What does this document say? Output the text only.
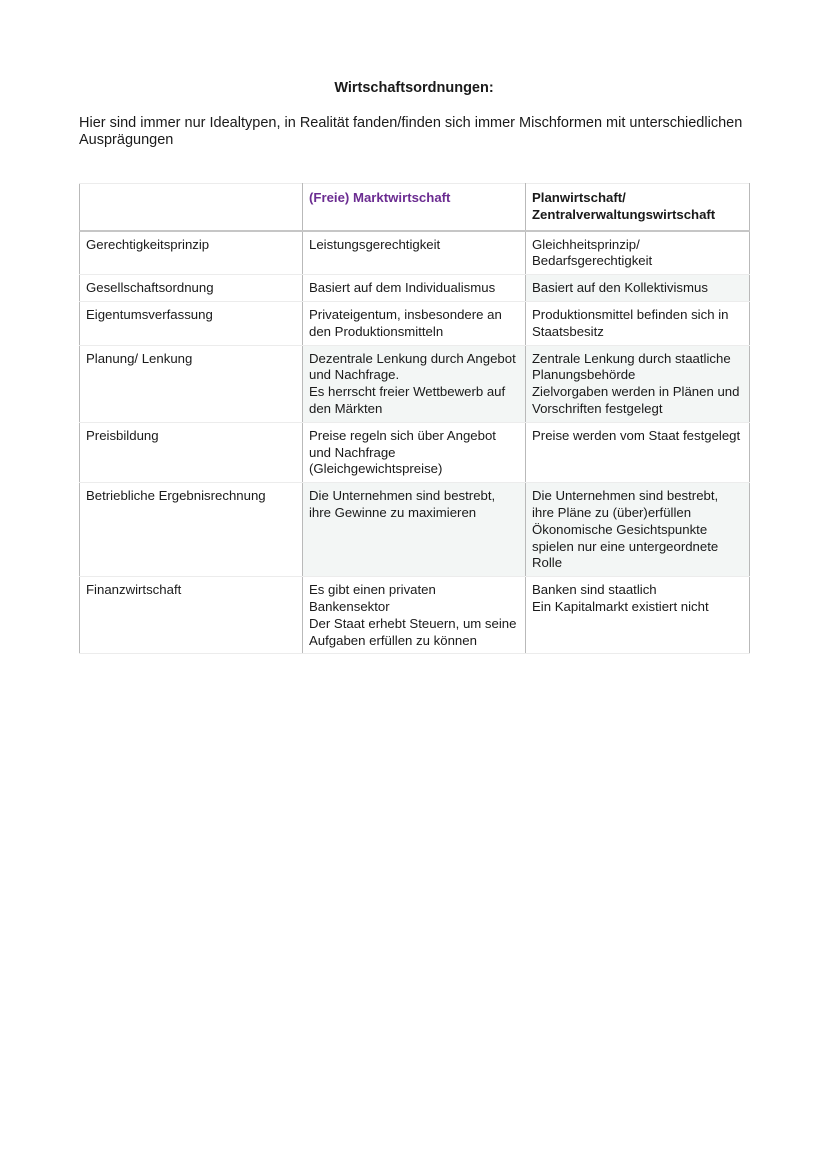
Wirtschaftsordnungen:
Hier sind immer nur Idealtypen, in Realität fanden/finden sich immer Mischformen mit unterschiedlichen Ausprägungen

	(Freie) Marktwirtschaft	Planwirtschaft/
Zentralverwaltungswirtschaft

Gerechtigkeitsprinzip	Leistungsgerechtigkeit	Gleichheitsprinzip/
Bedarfsgerechtigkeit

Gesellschaftsordnung	Basiert auf dem Individualismus	Basiert auf den Kollektivismus

Eigentumsverfassung	Privateigentum, insbesondere an den Produktionsmitteln	Produktionsmittel befinden sich in Staatsbesitz

Planung/ Lenkung	Dezentrale Lenkung durch Angebot und Nachfrage.
Es herrscht freier Wettbewerb auf den Märkten	Zentrale Lenkung durch staatliche Planungsbehörde
Zielvorgaben werden in Plänen und Vorschriften festgelegt

Preisbildung	Preise regeln sich über Angebot und Nachfrage
(Gleichgewichtspreise)	Preise werden vom Staat festgelegt

Betriebliche Ergebnisrechnung	Die Unternehmen sind bestrebt, ihre Gewinne zu maximieren	Die Unternehmen sind bestrebt, ihre Pläne zu (über)erfüllen
Ökonomische Gesichtspunkte spielen nur eine untergeordnete Rolle

Finanzwirtschaft	Es gibt einen privaten Bankensektor
Der Staat erhebt Steuern, um seine Aufgaben erfüllen zu können	Banken sind staatlich
Ein Kapitalmarkt existiert nicht
